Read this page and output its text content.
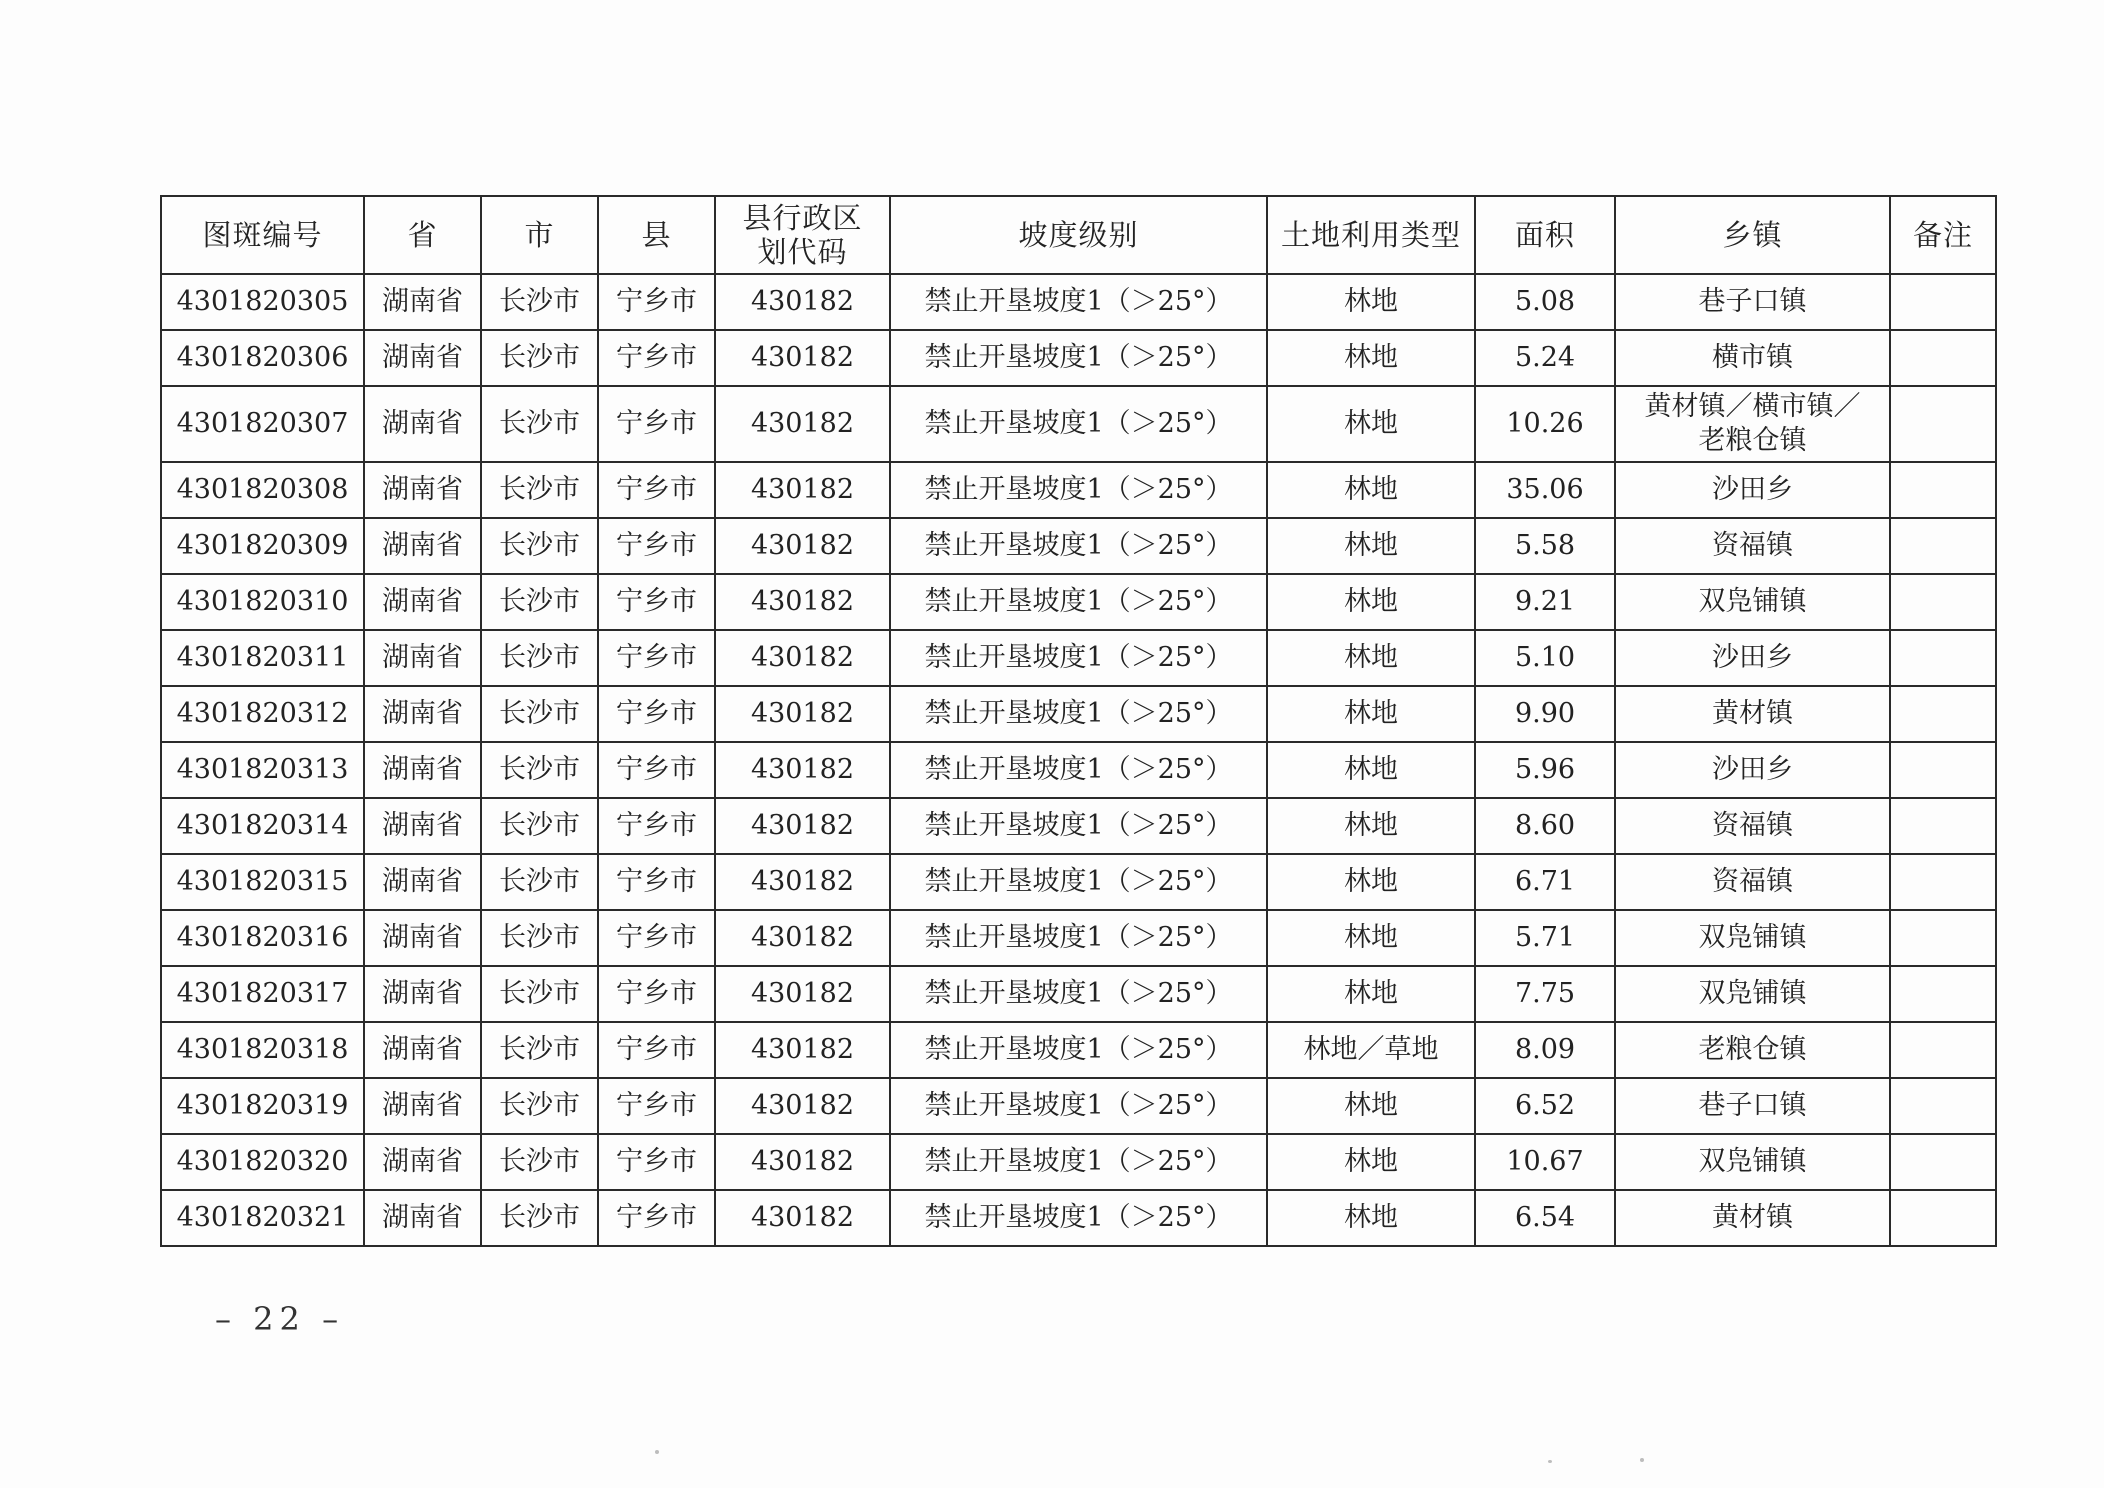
图斑编号	省	市	县	县行政区
划代码	坡度级别	土地利用类型	面积	乡镇	备注
4301820305	湖南省	长沙市	宁乡市	430182	禁止开垦坡度1（＞25°）	林地	5.08	巷子口镇	
4301820306	湖南省	长沙市	宁乡市	430182	禁止开垦坡度1（＞25°）	林地	5.24	横市镇	
4301820307	湖南省	长沙市	宁乡市	430182	禁止开垦坡度1（＞25°）	林地	10.26	黄材镇／横市镇／
老粮仓镇	

4301820308	湖南省	长沙市	宁乡市	430182	禁止开垦坡度1（＞25°）	林地	35.06	沙田乡	
4301820309	湖南省	长沙市	宁乡市	430182	禁止开垦坡度1（＞25°）	林地	5.58	资福镇	
4301820310	湖南省	长沙市	宁乡市	430182	禁止开垦坡度1（＞25°）	林地	9.21	双凫铺镇	
4301820311	湖南省	长沙市	宁乡市	430182	禁止开垦坡度1（＞25°）	林地	5.10	沙田乡	
4301820312	湖南省	长沙市	宁乡市	430182	禁止开垦坡度1（＞25°）	林地	9.90	黄材镇	
4301820313	湖南省	长沙市	宁乡市	430182	禁止开垦坡度1（＞25°）	林地	5.96	沙田乡	
4301820314	湖南省	长沙市	宁乡市	430182	禁止开垦坡度1（＞25°）	林地	8.60	资福镇	
4301820315	湖南省	长沙市	宁乡市	430182	禁止开垦坡度1（＞25°）	林地	6.71	资福镇	
4301820316	湖南省	长沙市	宁乡市	430182	禁止开垦坡度1（＞25°）	林地	5.71	双凫铺镇	
4301820317	湖南省	长沙市	宁乡市	430182	禁止开垦坡度1（＞25°）	林地	7.75	双凫铺镇	
4301820318	湖南省	长沙市	宁乡市	430182	禁止开垦坡度1（＞25°）	林地／草地	8.09	老粮仓镇	
4301820319	湖南省	长沙市	宁乡市	430182	禁止开垦坡度1（＞25°）	林地	6.52	巷子口镇	
4301820320	湖南省	长沙市	宁乡市	430182	禁止开垦坡度1（＞25°）	林地	10.67	双凫铺镇	
4301820321	湖南省	长沙市	宁乡市	430182	禁止开垦坡度1（＞25°）	林地	6.54	黄材镇	
– 22 –
